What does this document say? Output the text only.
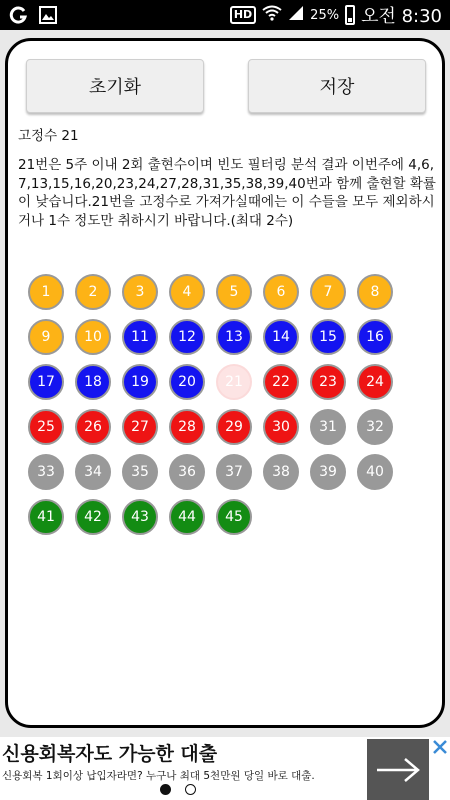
HD	25% 오전 8:30
초기화	저장
고정수 21
21번은 5주 이내 2회 출현수이며 빈도 필터링 분석 결과 이번주에 4,6,7,13,15,16,20,23,24,27,28,31,35,38,39,40번과 함께 출현할 확률이 낮습니다.21번을 고정수로 가져가실때에는 이 수들을 모두 제외하시거나 1수 정도만 취하시기 바랍니다.(최대 2수)
1	2	3	4	5	6	7	8
9	10	11	12	13	14	15	16
17	18	19	20	21	22	23	24
25	26	27	28	29	30	31	32
33	34	35	36	37	38	39	40
41	42	43	44	45
신용회복자도 가능한 대출
신용회복 1회이상 납입자라면? 누구나 최대 5천만원 당일 바로 대출.
